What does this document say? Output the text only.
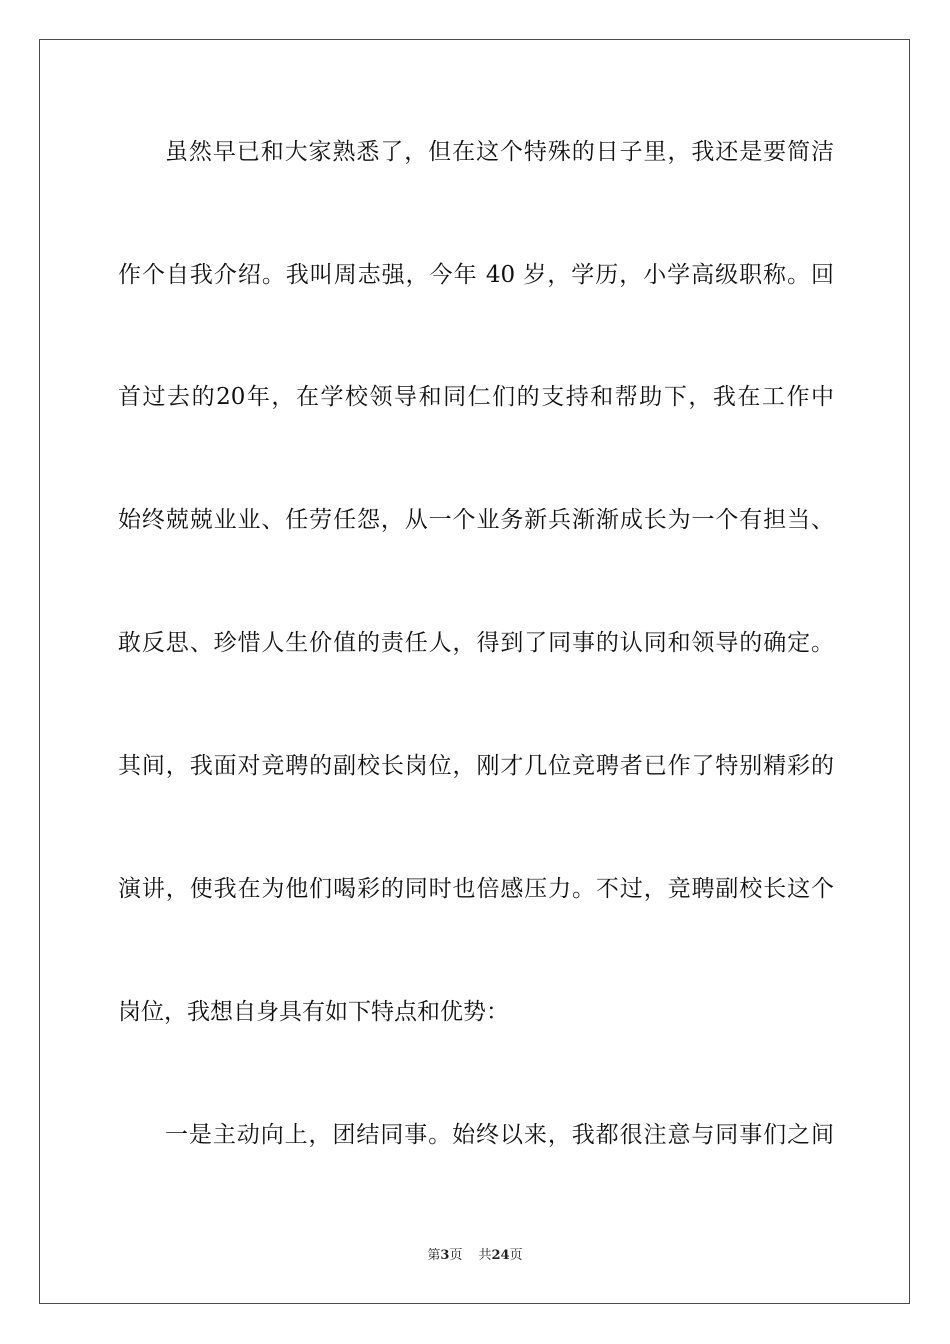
虽然早已和大家熟悉了，但在这个特殊的日子里，我还是要简洁
作个自我介绍。我叫周志强，今年 40 岁，学历，小学高级职称。回
首过去的20年，在学校领导和同仁们的支持和帮助下，我在工作中
始终兢兢业业、任劳任怨，从一个业务新兵渐渐成长为一个有担当、
敢反思、珍惜人生价值的责任人，得到了同事的认同和领导的确定。
其间，我面对竞聘的副校长岗位，刚才几位竞聘者已作了特别精彩的
演讲，使我在为他们喝彩的同时也倍感压力。不过，竞聘副校长这个
岗位，我想自身具有如下特点和优势：
一是主动向上，团结同事。始终以来，我都很注意与同事们之间
第3页 共24页
